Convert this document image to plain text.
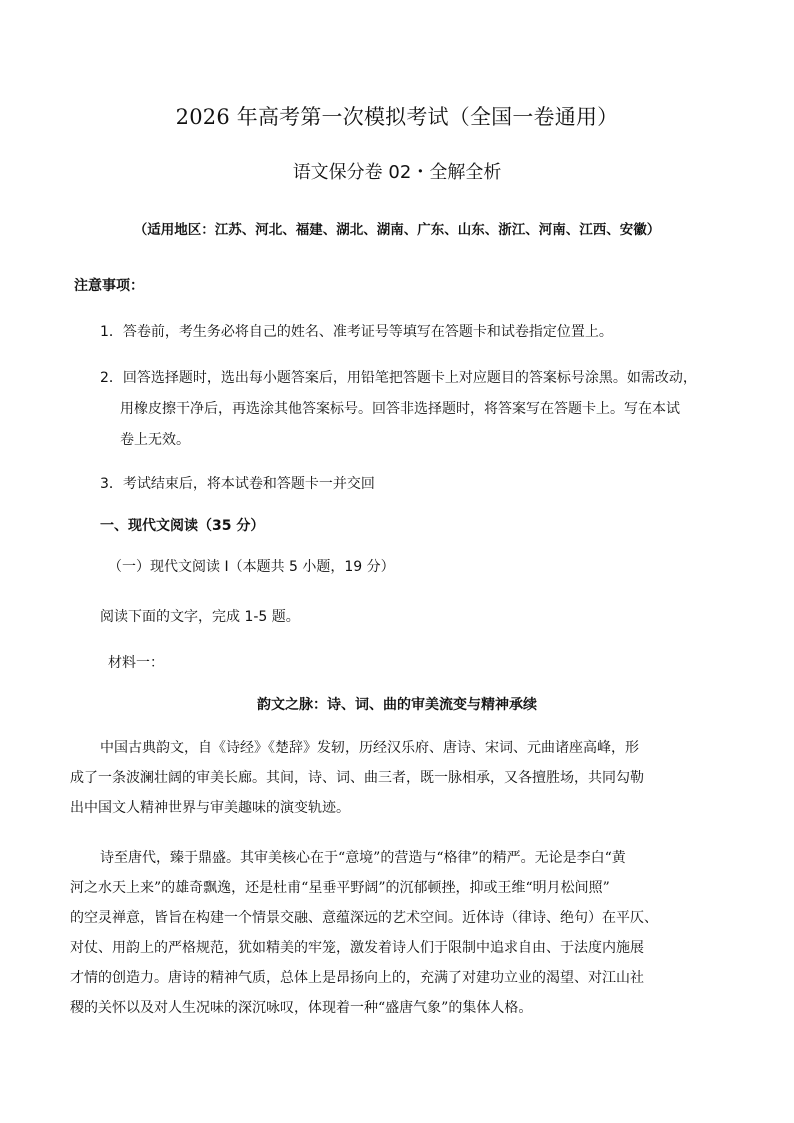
2026 年高考第一次模拟考试（全国一卷通用）
语文保分卷 02・全解全析
（适用地区：江苏、河北、福建、湖北、湖南、广东、山东、浙江、河南、江西、安徽）
注意事项：
1．答卷前，考生务必将自己的姓名、准考证号等填写在答题卡和试卷指定位置上。
2．回答选择题时，选出每小题答案后，用铅笔把答题卡上对应题目的答案标号涂黑。如需改动，
用橡皮擦干净后，再选涂其他答案标号。回答非选择题时，将答案写在答题卡上。写在本试
卷上无效。
3．考试结束后，将本试卷和答题卡一并交回
一、现代文阅读（35 分）
（一）现代文阅读 I（本题共 5 小题，19 分）
阅读下面的文字，完成 1-5 题。
材料一：
韵文之脉：诗、词、曲的审美流变与精神承续
中国古典韵文，自《诗经》《楚辞》发轫，历经汉乐府、唐诗、宋词、元曲诸座高峰，形
成了一条波澜壮阔的审美长廊。其间，诗、词、曲三者，既一脉相承，又各擅胜场，共同勾勒
出中国文人精神世界与审美趣味的演变轨迹。
诗至唐代，臻于鼎盛。其审美核心在于“意境”的营造与“格律”的精严。无论是李白“黄
河之水天上来”的雄奇飘逸，还是杜甫“星垂平野阔”的沉郁顿挫，抑或王维“明月松间照”
的空灵禅意，皆旨在构建一个情景交融、意蕴深远的艺术空间。近体诗（律诗、绝句）在平仄、
对仗、用韵上的严格规范，犹如精美的牢笼，激发着诗人们于限制中追求自由、于法度内施展
才情的创造力。唐诗的精神气质，总体上是昂扬向上的，充满了对建功立业的渴望、对江山社
稷的关怀以及对人生况味的深沉咏叹，体现着一种“盛唐气象”的集体人格。
